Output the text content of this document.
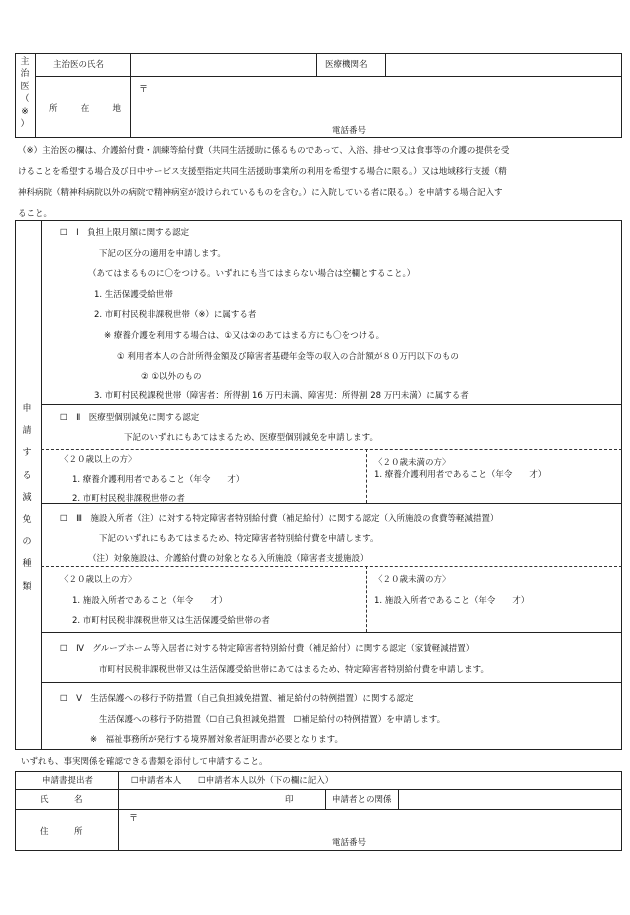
主
治
医
（
※
）
主治医の氏名	医療機関名
所	在	地
〒
電話番号
（※）主治医の欄は、介護給付費・訓練等給付費（共同生活援助に係るものであって、入浴、排せつ又は食事等の介護の提供を受
けることを希望する場合及び日中サービス支援型指定共同生活援助事業所の利用を希望する場合に限る。）又は地域移行支援（精
神科病院（精神科病院以外の病院で精神病室が設けられているものを含む。）に入院している者に限る。）を申請する場合記入す
ること。
申
請
す
る
減
免
の
種
類
☐　Ⅰ　負担上限月額に関する認定
下記の区分の適用を申請します。
（あてはまるものに〇をつける。いずれにも当てはまらない場合は空欄とすること。）
1. 生活保護受給世帯
2. 市町村民税非課税世帯（※）に属する者
※ 療養介護を利用する場合は、①又は②のあてはまる方にも〇をつける。
① 利用者本人の合計所得金額及び障害者基礎年金等の収入の合計額が８０万円以下のもの
② ①以外のもの
3. 市町村民税課税世帯（障害者：所得割 16 万円未満、障害児：所得割 28 万円未満）に属する者
☐　Ⅱ　医療型個別減免に関する認定
下記のいずれにもあてはまるため、医療型個別減免を申請します。
〈２０歳以上の方〉
1. 療養介護利用者であること（年令　　才）
2. 市町村民税非課税世帯の者
〈２０歳未満の方〉
1. 療養介護利用者であること（年令　　才）
☐　Ⅲ　施設入所者（注）に対する特定障害者特別給付費（補足給付）に関する認定（入所施設の食費等軽減措置）
下記のいずれにもあてはまるため、特定障害者特別給付費を申請します。
（注）対象施設は、介護給付費の対象となる入所施設（障害者支援施設）
〈２０歳以上の方〉
1. 施設入所者であること（年令　　才）
2. 市町村民税非課税世帯又は生活保護受給世帯の者
〈２０歳未満の方〉
1. 施設入所者であること（年令　　才）
☐　Ⅳ　グループホーム等入居者に対する特定障害者特別給付費（補足給付）に関する認定（家賃軽減措置）
市町村民税非課税世帯又は生活保護受給世帯にあてはまるため、特定障害者特別給付費を申請します。
☐　Ⅴ　生活保護への移行予防措置（自己負担減免措置、補足給付の特例措置）に関する認定
生活保護への移行予防措置（☐自己負担減免措置　☐補足給付の特例措置）を申請します。
※　福祉事務所が発行する境界層対象者証明書が必要となります。
いずれも、事実関係を確認できる書類を添付して申請すること。
申請書提出者	☐申請者本人　　☐申請者本人以外（下の欄に記入）
氏　　　名	印	申請者との関係
住　　　所
〒
電話番号
